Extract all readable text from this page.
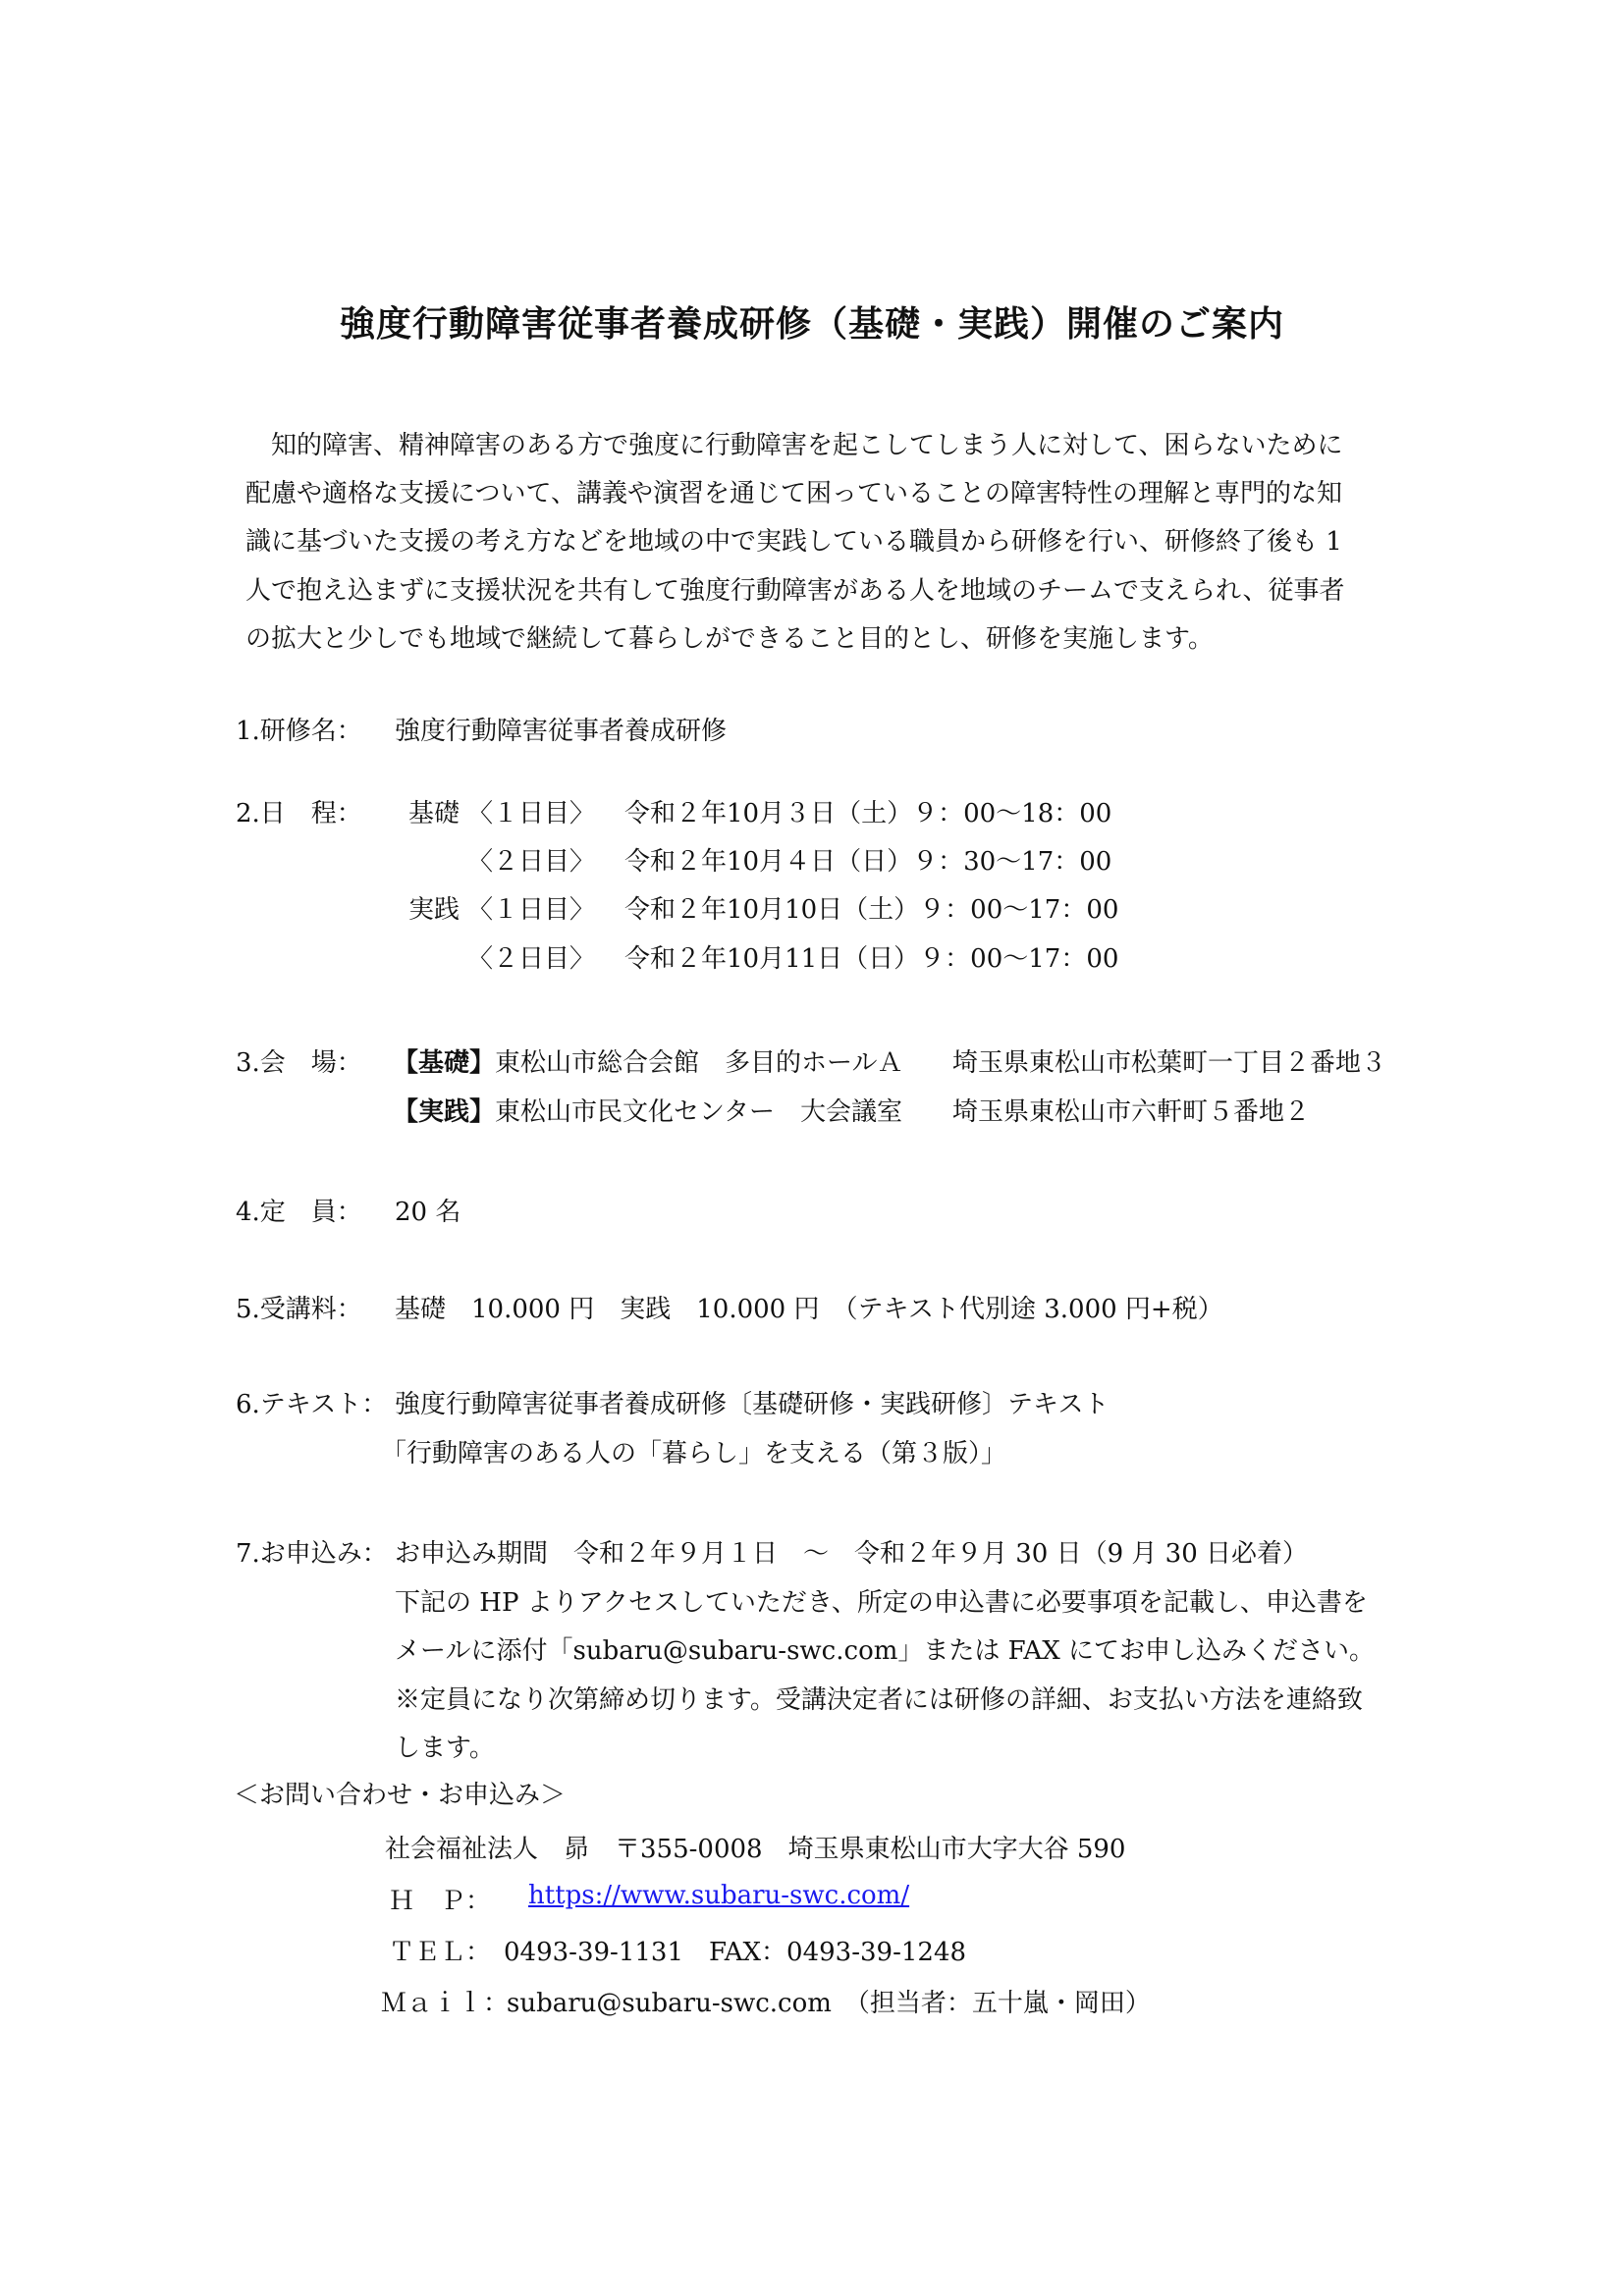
強度行動障害従事者養成研修（基礎・実践）開催のご案内
知的障害、精神障害のある方で強度に行動障害を起こしてしまう人に対して、困らないために
配慮や適格な支援について、講義や演習を通じて困っていることの障害特性の理解と専門的な知
識に基づいた支援の考え方などを地域の中で実践している職員から研修を行い、研修終了後も 1
人で抱え込まずに支援状況を共有して強度行動障害がある人を地域のチームで支えられ、従事者
の拡大と少しでも地域で継続して暮らしができること目的とし、研修を実施します。
1.研修名： 強度行動障害従事者養成研修
2.日　程： 基礎 〈１日目〉 令和２年10月３日（土）９：00～18：00
〈２日目〉 令和２年10月４日（日）９：30～17：00
実践 〈１日目〉 令和２年10月10日（土）９：00～17：00
〈２日目〉 令和２年10月11日（日）９：00～17：00
3.会　場： 【基礎】 東松山市総合会館　多目的ホールＡ 埼玉県東松山市松葉町一丁目２番地３
【実践】 東松山市民文化センター　大会議室 埼玉県東松山市六軒町５番地２
4.定　員： 20 名
5.受講料： 基礎　10.000 円　実践　10.000 円　（テキスト代別途 3.000 円+税）
6.テキスト： 強度行動障害従事者養成研修〔基礎研修・実践研修〕テキスト
「行動障害のある人の「暮らし」を支える（第３版）」
7.お申込み： お申込み期間　令和２年９月１日　～　令和２年９月 30 日（9 月 30 日必着）
下記の HP よりアクセスしていただき、所定の申込書に必要事項を記載し、申込書を
メールに添付「subaru@subaru-swc.com」または FAX にてお申し込みください。
※定員になり次第締め切ります。受講決定者には研修の詳細、お支払い方法を連絡致
します。
＜お問い合わせ・お申込み＞
社会福祉法人　昴　〒355-0008　埼玉県東松山市大字大谷 590
Ｈ　Ｐ： https://www.subaru-swc.com/
ＴＥＬ：　0493-39-1131　FAX：0493-39-1248
Ｍａｉｌ：
subaru@subaru-swc.com　（担当者：五十嵐・岡田）
